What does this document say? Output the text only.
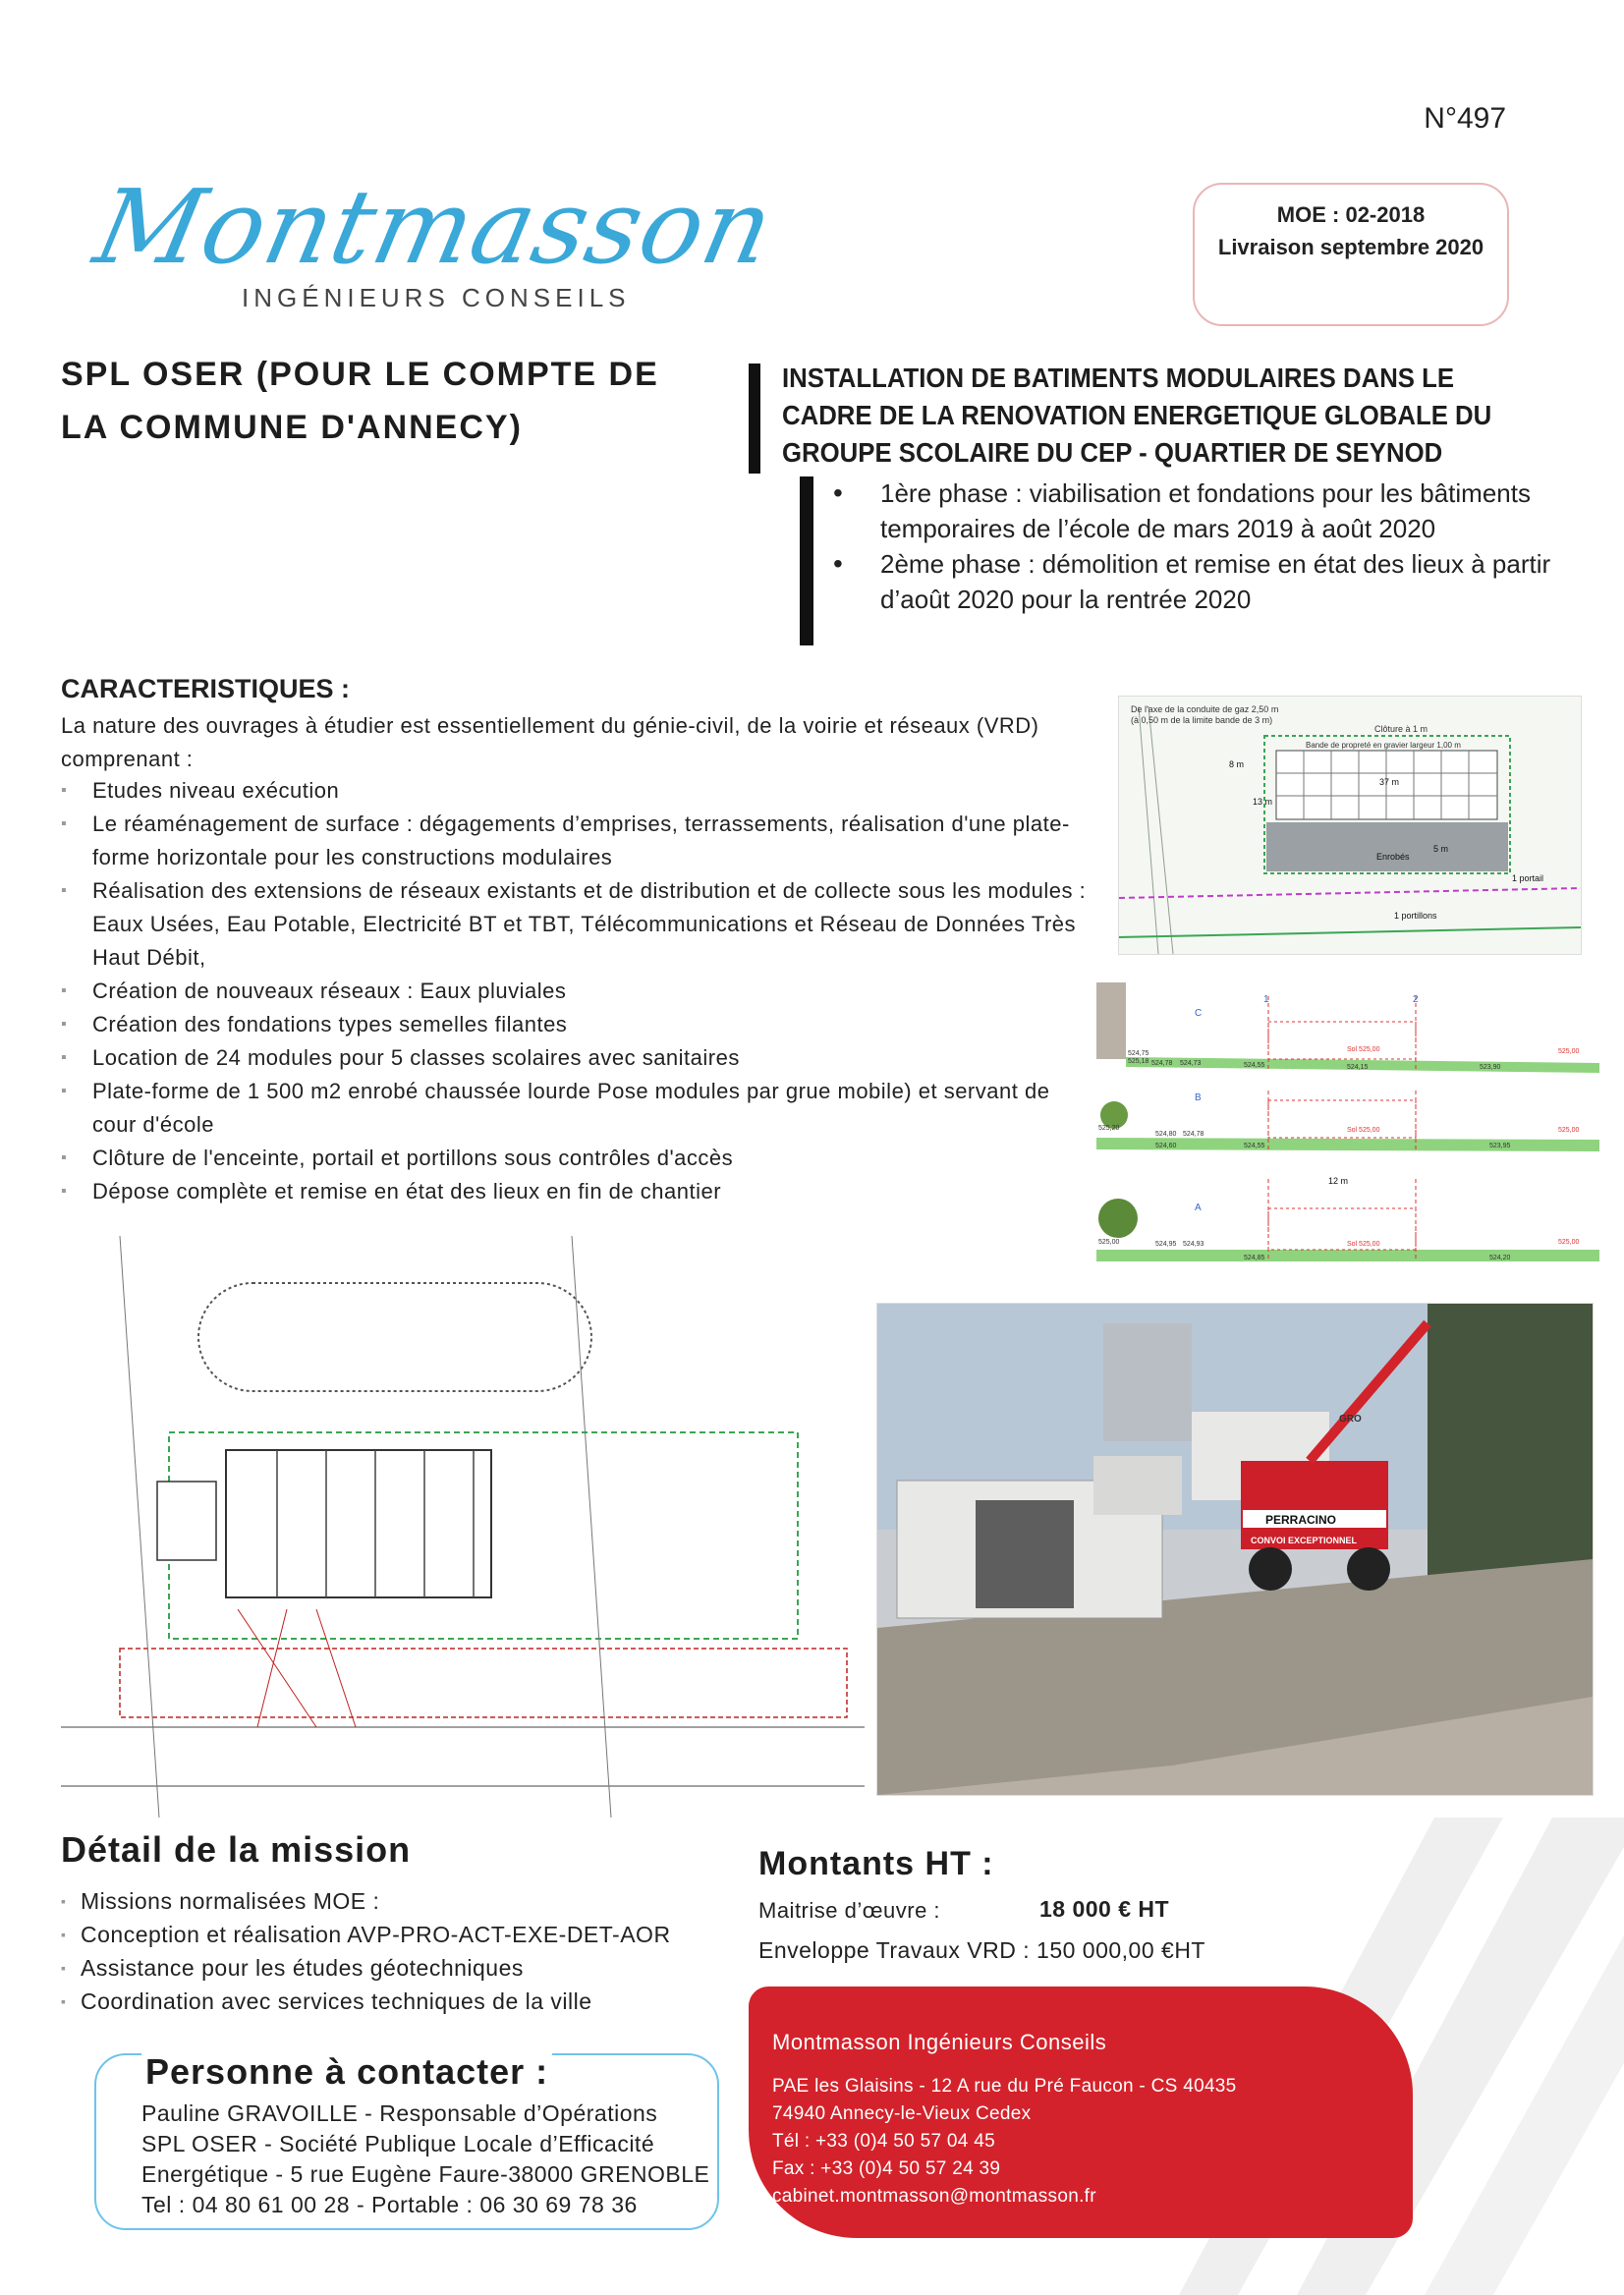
N°497
Montmasson
INGÉNIEURS CONSEILS
MOE : 02-2018
Livraison septembre 2020
SPL OSER (POUR LE COMPTE DE
LA COMMUNE D'ANNECY)
INSTALLATION DE BATIMENTS MODULAIRES DANS LE
CADRE DE LA RENOVATION ENERGETIQUE GLOBALE DU
GROUPE SCOLAIRE DU CEP - QUARTIER DE SEYNOD
• 1ère phase : viabilisation et fondations pour les bâtiments
temporaires de l’école de mars 2019 à août 2020
• 2ème phase : démolition et remise en état des lieux à partir
d’août 2020 pour la rentrée 2020
CARACTERISTIQUES :
La nature des ouvrages à étudier est essentiellement du génie-civil, de la voirie et réseaux (VRD)
comprenant :
▪ Etudes niveau exécution
▪ Le réaménagement de surface : dégagements d’emprises, terrassements, réalisation d'une plate-
forme horizontale pour les constructions modulaires
▪ Réalisation des extensions de réseaux existants et de distribution et de collecte sous les modules :
Eaux Usées, Eau Potable, Electricité BT et TBT, Télécommunications et Réseau de Données Très
Haut Débit,
▪ Création de nouveaux réseaux : Eaux pluviales
▪ Création des fondations types semelles filantes
▪ Location de 24 modules pour 5 classes scolaires avec sanitaires
▪ Plate-forme de 1 500 m2 enrobé chaussée lourde Pose modules par grue mobile) et servant de
cour d'école
▪ Clôture de l'enceinte, portail et portillons sous contrôles d'accès
▪ Dépose complète et remise en état des lieux en fin de chantier
De l'axe de la conduite de gaz 2,50 m
(à 0,50 m de la limite bande de 3 m)
Clôture à 1 m
Bande de propreté en gravier largeur 1,00 m
37 m
8 m
5 m
13 m
Enrobés
1 portail
1 portillons
C
B
A
1	2
12 m
524,75
525,18 524,78 524,73	524,55
Sol 525,00
524,15
525,00
523,90
525,20
524,80 524,78
524,60	524,55
Sol 525,00	525,00
523,95
525,00	524,95 524,93
524,85
Sol 525,00	525,00
524,20
PERRACINO
CONVOI EXCEPTIONNEL
GRO
Détail de la mission
▪ Missions normalisées MOE :
▪ Conception et réalisation AVP-PRO-ACT-EXE-DET-AOR
▪ Assistance pour les études géotechniques
▪ Coordination avec services techniques de la ville
Montants HT :
Maitrise d’œuvre :	18 000 € HT
Enveloppe Travaux VRD : 150 000,00 €HT
Montmasson Ingénieurs Conseils
PAE les Glaisins - 12 A rue du Pré Faucon - CS 40435
74940 Annecy-le-Vieux Cedex
Tél : +33 (0)4 50 57 04 45
Fax : +33 (0)4 50 57 24 39
cabinet.montmasson@montmasson.fr
Personne à contacter :
Pauline GRAVOILLE - Responsable d’Opérations
SPL OSER - Société Publique Locale d’Efficacité
Energétique - 5 rue Eugène Faure-38000 GRENOBLE
Tel : 04 80 61 00 28 - Portable : 06 30 69 78 36
